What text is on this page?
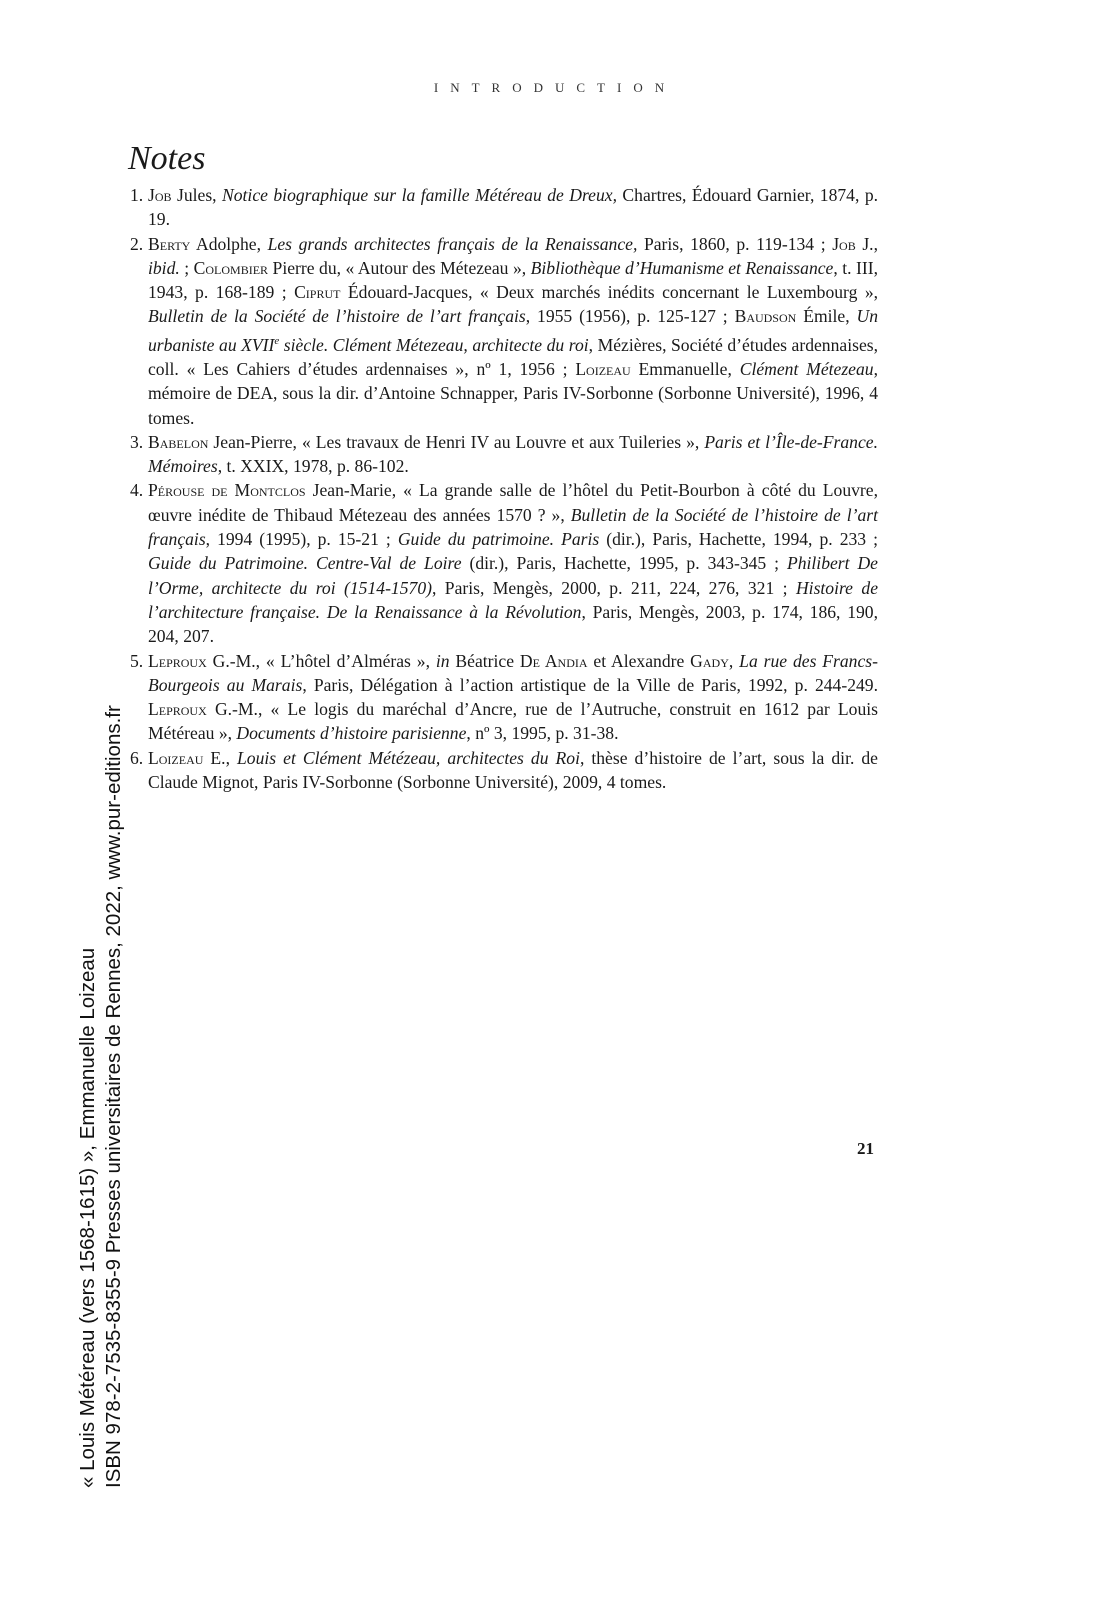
INTRODUCTION
Notes
1. Job Jules, Notice biographique sur la famille Météreau de Dreux, Chartres, Édouard Garnier, 1874, p. 19.
2. Berty Adolphe, Les grands architectes français de la Renaissance, Paris, 1860, p. 119-134 ; Job J., ibid. ; Colombier Pierre du, « Autour des Métezeau », Bibliothèque d’Humanisme et Renaissance, t. III, 1943, p. 168-189 ; Ciprut Édouard-Jacques, « Deux marchés inédits concernant le Luxembourg », Bulletin de la Société de l’histoire de l’art français, 1955 (1956), p. 125-127 ; Baudson Émile, Un urbaniste au XVIIe siècle. Clément Métezeau, architecte du roi, Mézières, Société d’études ardennaises, coll. « Les Cahiers d’études ardennaises », nº 1, 1956 ; Loizeau Emmanuelle, Clément Métezeau, mémoire de DEA, sous la dir. d’Antoine Schnapper, Paris IV-Sorbonne (Sorbonne Université), 1996, 4 tomes.
3. Babelon Jean-Pierre, « Les travaux de Henri IV au Louvre et aux Tuileries », Paris et l’Île-de-France. Mémoires, t. XXIX, 1978, p. 86-102.
4. Pérouse de Montclos Jean-Marie, « La grande salle de l’hôtel du Petit-Bourbon à côté du Louvre, œuvre inédite de Thibaud Métezeau des années 1570 ? », Bulletin de la Société de l’histoire de l’art français, 1994 (1995), p. 15-21 ; Guide du patrimoine. Paris (dir.), Paris, Hachette, 1994, p. 233 ; Guide du Patrimoine. Centre-Val de Loire (dir.), Paris, Hachette, 1995, p. 343-345 ; Philibert De l’Orme, architecte du roi (1514-1570), Paris, Mengès, 2000, p. 211, 224, 276, 321 ; Histoire de l’architecture française. De la Renaissance à la Révolution, Paris, Mengès, 2003, p. 174, 186, 190, 204, 207.
5. Leproux G.-M., « L’hôtel d’Alméras », in Béatrice De Andia et Alexandre Gady, La rue des Francs-Bourgeois au Marais, Paris, Délégation à l’action artistique de la Ville de Paris, 1992, p. 244-249. Leproux G.-M., « Le logis du maréchal d’Ancre, rue de l’Autruche, construit en 1612 par Louis Météreau », Documents d’histoire parisienne, nº 3, 1995, p. 31-38.
6. Loizeau E., Louis et Clément Métézeau, architectes du Roi, thèse d’histoire de l’art, sous la dir. de Claude Mignot, Paris IV-Sorbonne (Sorbonne Université), 2009, 4 tomes.
21
« Louis Météreau (vers 1568-1615) », Emmanuelle Loizeau ISBN 978-2-7535-8355-9 Presses universitaires de Rennes, 2022, www.pur-editions.fr
